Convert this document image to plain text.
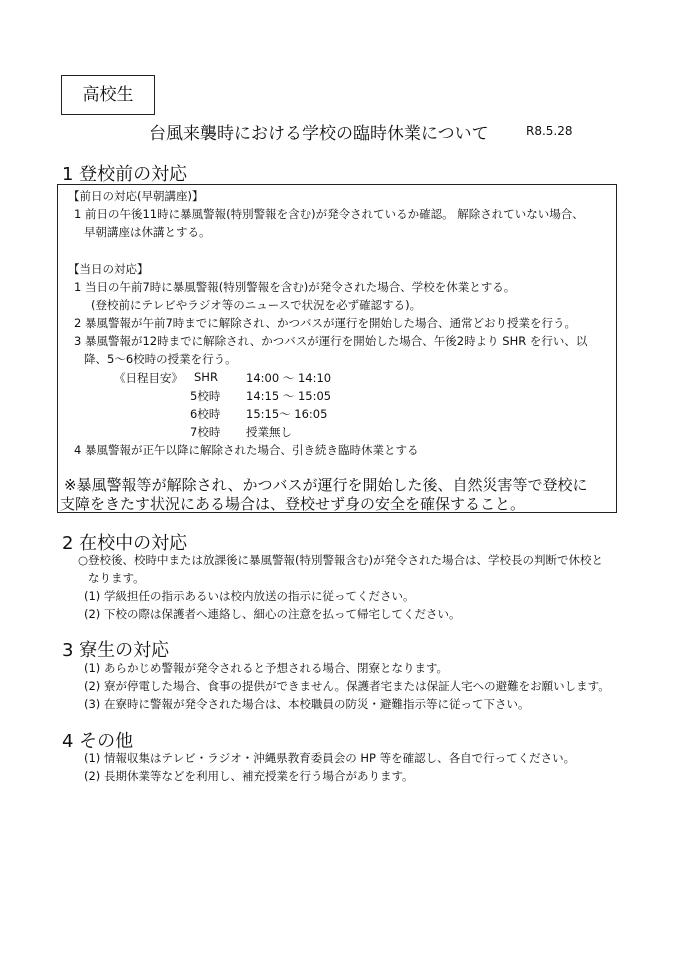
高校生
台風来襲時における学校の臨時休業について	R8.5.28
1 登校前の対応
【前日の対応(早朝講座)】
1 前日の午後11時に暴風警報(特別警報を含む)が発令されているか確認。 解除されていない場合、
早朝講座は休講とする。
【当日の対応】
1 当日の午前7時に暴風警報(特別警報を含む)が発令された場合、学校を休業とする。
(登校前にテレビやラジオ等のニュースで状況を必ず確認する)。
2 暴風警報が午前7時までに解除され、かつバスが運行を開始した場合、通常どおり授業を行う。
3 暴風警報が12時までに解除され、かつバスが運行を開始した場合、午後2時より SHR を行い、以
降、5～6校時の授業を行う。
《日程目安》 SHR 14:00 ～ 14:10
5校時 14:15 ～ 15:05
6校時 15:15～ 16:05
7校時 授業無し
4 暴風警報が正午以降に解除された場合、引き続き臨時休業とする
※暴風警報等が解除され、かつバスが運行を開始した後、自然災害等で登校に
支障をきたす状況にある場合は、登校せず身の安全を確保すること。
2 在校中の対応
○登校後、校時中または放課後に暴風警報(特別警報含む)が発令された場合は、学校長の判断で休校と
なります。
(1) 学級担任の指示あるいは校内放送の指示に従ってください。
(2) 下校の際は保護者へ連絡し、細心の注意を払って帰宅してください。
3 寮生の対応
(1) あらかじめ警報が発令されると予想される場合、閉寮となります。
(2) 寮が停電した場合、食事の提供ができません。保護者宅または保証人宅への避難をお願いします。
(3) 在寮時に警報が発令された場合は、本校職員の防災・避難指示等に従って下さい。
4 その他
(1) 情報収集はテレビ・ラジオ・沖縄県教育委員会の HP 等を確認し、各自で行ってください。
(2) 長期休業等などを利用し、補充授業を行う場合があります。
